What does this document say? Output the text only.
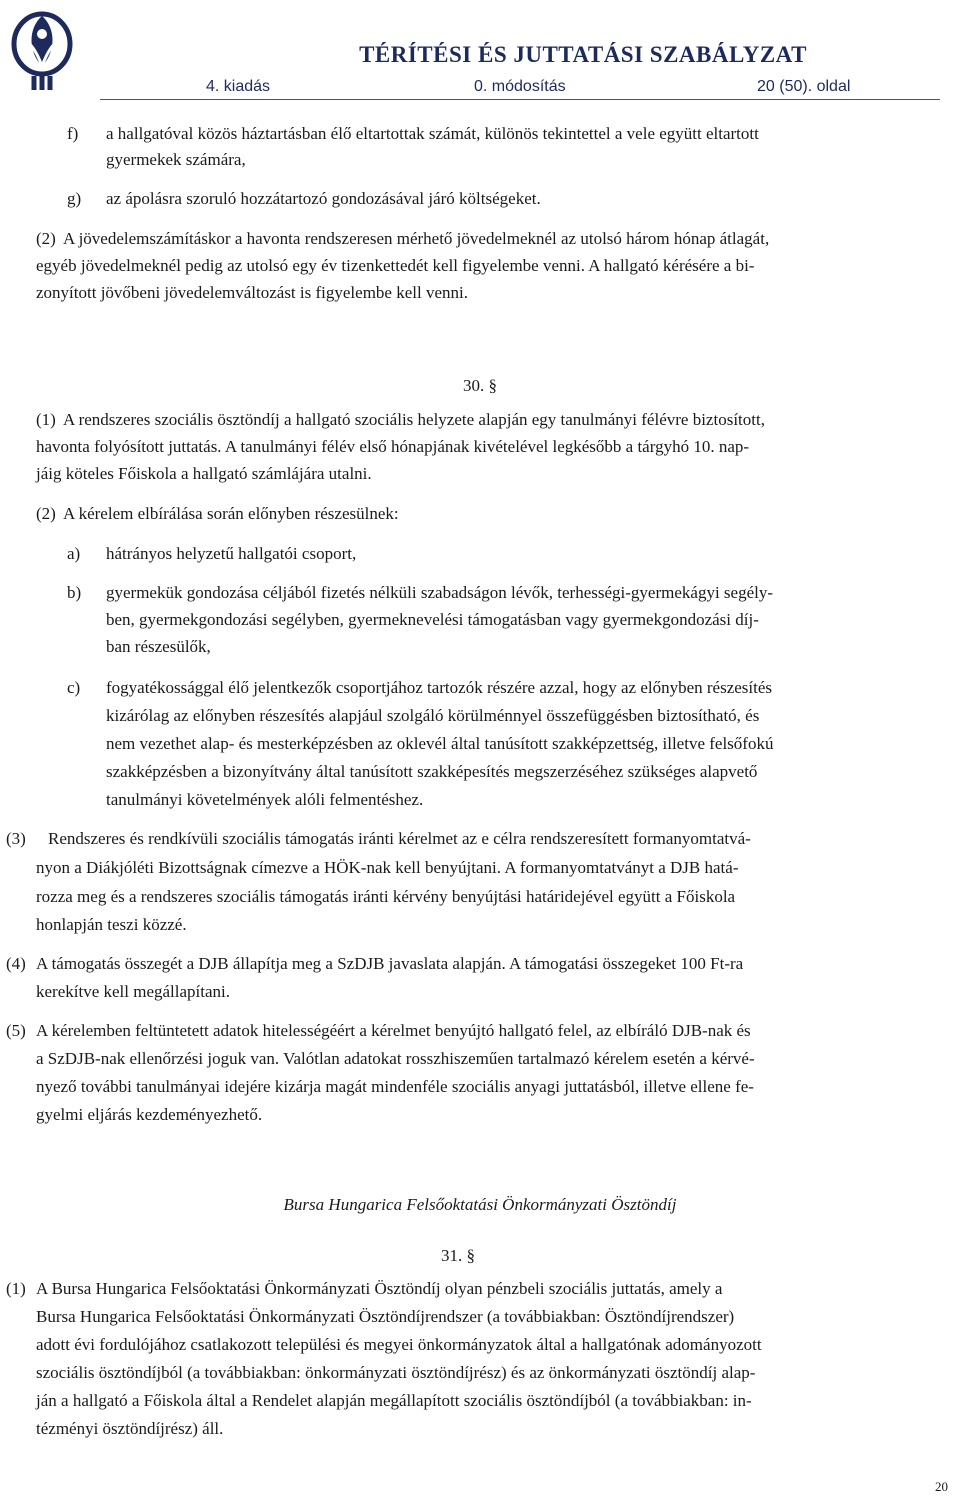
TÉRÍTÉSI ÉS JUTTATÁSI SZABÁLYZAT
4. kiadás	0. módosítás	20 (50). oldal
f) a hallgatóval közös háztartásban élő eltartottak számát, különös tekintettel a vele együtt eltartott
gyermekek számára,
g) az ápolásra szoruló hozzátartozó gondozásával járó költségeket.
(2) A jövedelemszámításkor a havonta rendszeresen mérhető jövedelmeknél az utolsó három hónap átlagát,
egyéb jövedelmeknél pedig az utolsó egy év tizenkettedét kell figyelembe venni. A hallgató kérésére a bi-
zonyított jövőbeni jövedelemváltozást is figyelembe kell venni.
30. §
(1) A rendszeres szociális ösztöndíj a hallgató szociális helyzete alapján egy tanulmányi félévre biztosított,
havonta folyósított juttatás. A tanulmányi félév első hónapjának kivételével legkésőbb a tárgyhó 10. nap-
jáig köteles Főiskola a hallgató számlájára utalni.
(2) A kérelem elbírálása során előnyben részesülnek:
a) hátrányos helyzetű hallgatói csoport,
b) gyermekük gondozása céljából fizetés nélküli szabadságon lévők, terhességi-gyermekágyi segély-
ben, gyermekgondozási segélyben, gyermeknevelési támogatásban vagy gyermekgondozási díj-
ban részesülők,
c) fogyatékossággal élő jelentkezők csoportjához tartozók részére azzal, hogy az előnyben részesítés
kizárólag az előnyben részesítés alapjául szolgáló körülménnyel összefüggésben biztosítható, és
nem vezethet alap- és mesterképzésben az oklevél által tanúsított szakképzettség, illetve felsőfokú
szakképzésben a bizonyítvány által tanúsított szakképesítés megszerzéséhez szükséges alapvető
tanulmányi követelmények alóli felmentéshez.
(3) Rendszeres és rendkívüli szociális támogatás iránti kérelmet az e célra rendszeresített formanyomtatvá-
nyon a Diákjóléti Bizottságnak címezve a HÖK-nak kell benyújtani. A formanyomtatványt a DJB hatá-
rozza meg és a rendszeres szociális támogatás iránti kérvény benyújtási határidejével együtt a Főiskola
honlapján teszi közzé.
(4) A támogatás összegét a DJB állapítja meg a SzDJB javaslata alapján. A támogatási összegeket 100 Ft-ra
kerekítve kell megállapítani.
(5) A kérelemben feltüntetett adatok hitelességéért a kérelmet benyújtó hallgató felel, az elbíráló DJB-nak és
a SzDJB-nak ellenőrzési joguk van. Valótlan adatokat rosszhiszeműen tartalmazó kérelem esetén a kérvé-
nyező további tanulmányai idejére kizárja magát mindenféle szociális anyagi juttatásból, illetve ellene fe-
gyelmi eljárás kezdeményezhető.
Bursa Hungarica Felsőoktatási Önkormányzati Ösztöndíj
31. §
(1) A Bursa Hungarica Felsőoktatási Önkormányzati Ösztöndíj olyan pénzbeli szociális juttatás, amely a
Bursa Hungarica Felsőoktatási Önkormányzati Ösztöndíjrendszer (a továbbiakban: Ösztöndíjrendszer)
adott évi fordulójához csatlakozott települési és megyei önkormányzatok által a hallgatónak adományozott
szociális ösztöndíjból (a továbbiakban: önkormányzati ösztöndíjrész) és az önkormányzati ösztöndíj alap-
ján a hallgató a Főiskola által a Rendelet alapján megállapított szociális ösztöndíjból (a továbbiakban: in-
tézményi ösztöndíjrész) áll.
20
